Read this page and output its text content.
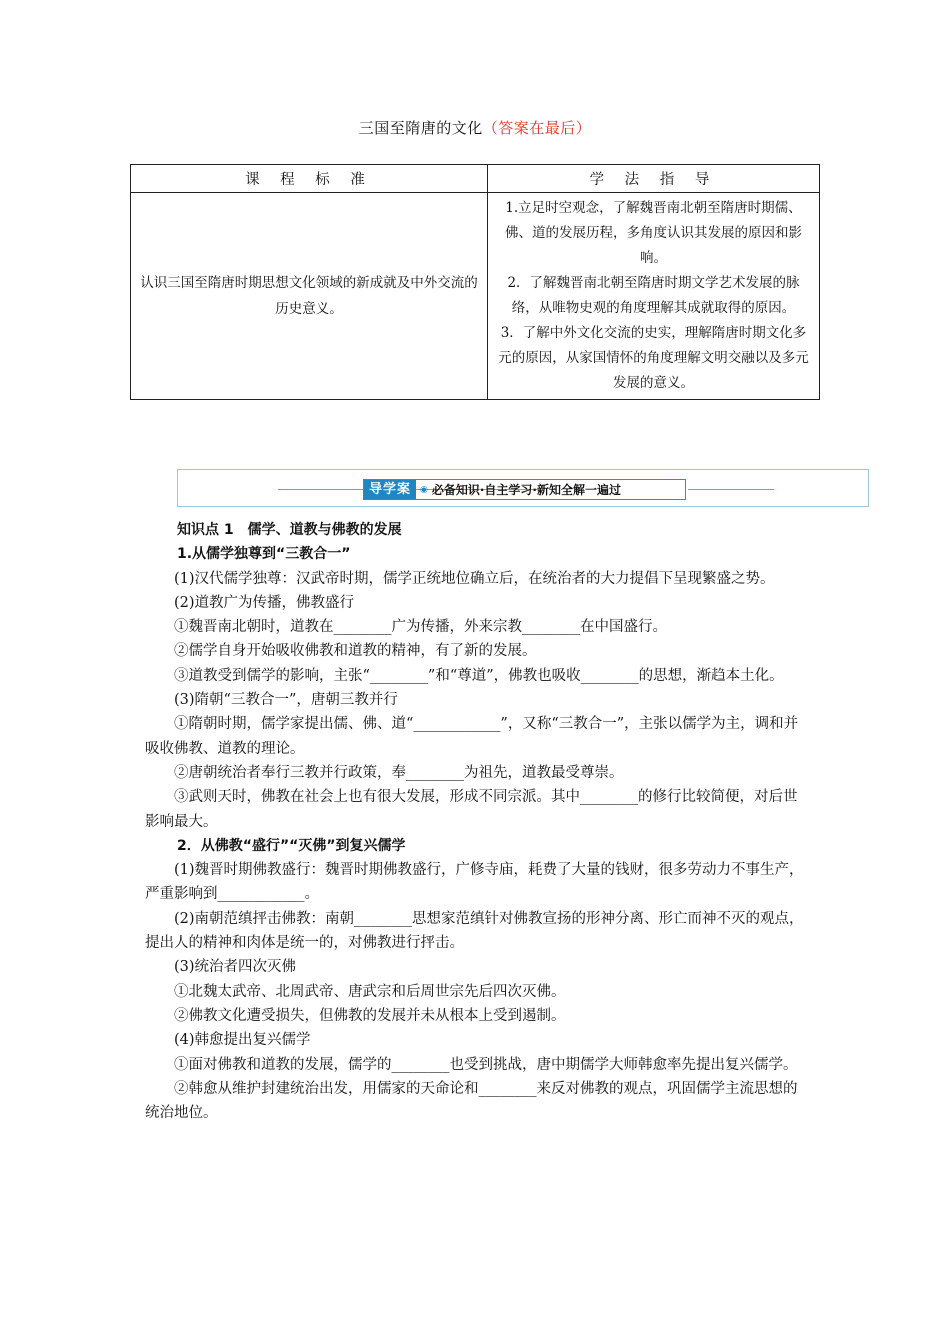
三国至隋唐的文化（答案在最后）
课 程 标 准	学 法 指 导
认识三国至隋唐时期思想文化领域的新成就及中外交流的历史意义。	1.立足时空观念，了解魏晋南北朝至隋唐时期儒、佛、道的发展历程，多角度认识其发展的原因和影响。
2．了解魏晋南北朝至隋唐时期文学艺术发展的脉络，从唯物史观的角度理解其成就取得的原因。
3．了解中外文化交流的史实，理解隋唐时期文化多元的原因，从家国情怀的角度理解文明交融以及多元发展的意义。
导学案	◉ 必备知识·自主学习·新知全解一遍过

知识点 1　儒学、道教与佛教的发展

1.从儒学独尊到“三教合一”

(1)汉代儒学独尊：汉武帝时期，儒学正统地位确立后，在统治者的大力提倡下呈现繁盛之势。

(2)道教广为传播，佛教盛行

①魏晋南北朝时，道教在________广为传播，外来宗教________在中国盛行。

②儒学自身开始吸收佛教和道教的精神，有了新的发展。

③道教受到儒学的影响，主张“________”和“尊道”，佛教也吸收________的思想，渐趋本土化。

(3)隋朝“三教合一”，唐朝三教并行

①隋朝时期，儒学家提出儒、佛、道“____________”，又称“三教合一”，主张以儒学为主，调和并吸收佛教、道教的理论。

②唐朝统治者奉行三教并行政策，奉________为祖先，道教最受尊崇。

③武则天时，佛教在社会上也有很大发展，形成不同宗派。其中________的修行比较简便，对后世影响最大。

2．从佛教“盛行”“灭佛”到复兴儒学

(1)魏晋时期佛教盛行：魏晋时期佛教盛行，广修寺庙，耗费了大量的钱财，很多劳动力不事生产，严重影响到____________。

(2)南朝范缜抨击佛教：南朝________思想家范缜针对佛教宣扬的形神分离、形亡而神不灭的观点，提出人的精神和肉体是统一的，对佛教进行抨击。

(3)统治者四次灭佛

①北魏太武帝、北周武帝、唐武宗和后周世宗先后四次灭佛。

②佛教文化遭受损失，但佛教的发展并未从根本上受到遏制。

(4)韩愈提出复兴儒学

①面对佛教和道教的发展，儒学的________也受到挑战，唐中期儒学大师韩愈率先提出复兴儒学。

②韩愈从维护封建统治出发，用儒家的天命论和________来反对佛教的观点，巩固儒学主流思想的统治地位。
